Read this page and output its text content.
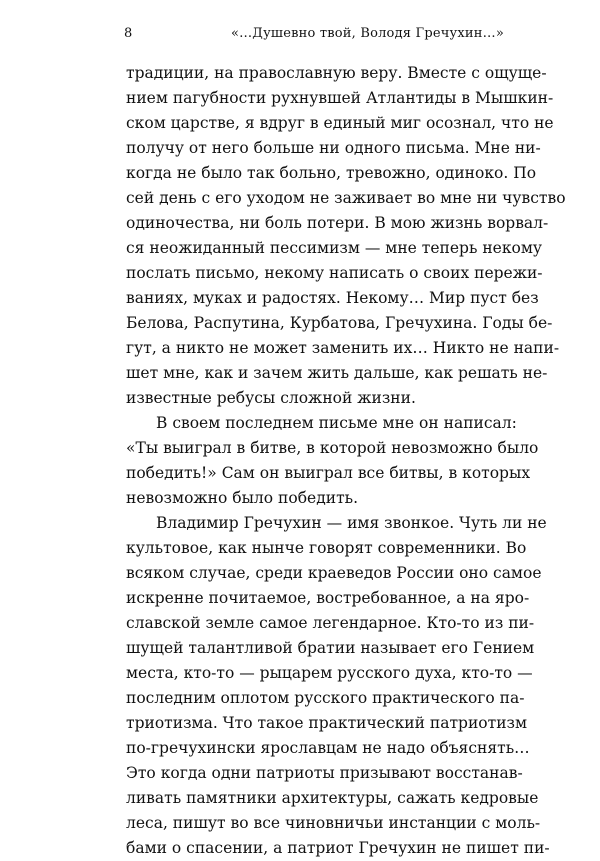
8	«…Душевно твой, Володя Гречухин…»
традиции, на православную веру. Вместе с ощуще-
нием пагубности рухнувшей Атлантиды в Мышкин-
ском царстве, я вдруг в единый миг осознал, что не
получу от него больше ни одного письма. Мне ни-
когда не было так больно, тревожно, одиноко. По
сей день с его уходом не заживает во мне ни чувство
одиночества, ни боль потери. В мою жизнь ворвал-
ся неожиданный пессимизм — мне теперь некому
послать письмо, некому написать о своих пережи-
ваниях, муках и радостях. Некому… Мир пуст без
Белова, Распутина, Курбатова, Гречухина. Годы бе-
гут, а никто не может заменить их… Никто не напи-
шет мне, как и зачем жить дальше, как решать не-
известные ребусы сложной жизни.
В своем последнем письме мне он написал:
«Ты выиграл в битве, в которой невозможно было
победить!» Сам он выиграл все битвы, в которых
невозможно было победить.
Владимир Гречухин — имя звонкое. Чуть ли не
культовое, как нынче говорят современники. Во
всяком случае, среди краеведов России оно самое
искренне почитаемое, востребованное, а на яро-
славской земле самое легендарное. Кто-то из пи-
шущей талантливой братии называет его Гением
места, кто-то — рыцарем русского духа, кто-то —
последним оплотом русского практического па-
триотизма. Что такое практический патриотизм
по-гречухински ярославцам не надо объяснять…
Это когда одни патриоты призывают восстанав-
ливать памятники архитектуры, сажать кедровые
леса, пишут во все чиновничьи инстанции с моль-
бами о спасении, а патриот Гречухин не пишет пи-
